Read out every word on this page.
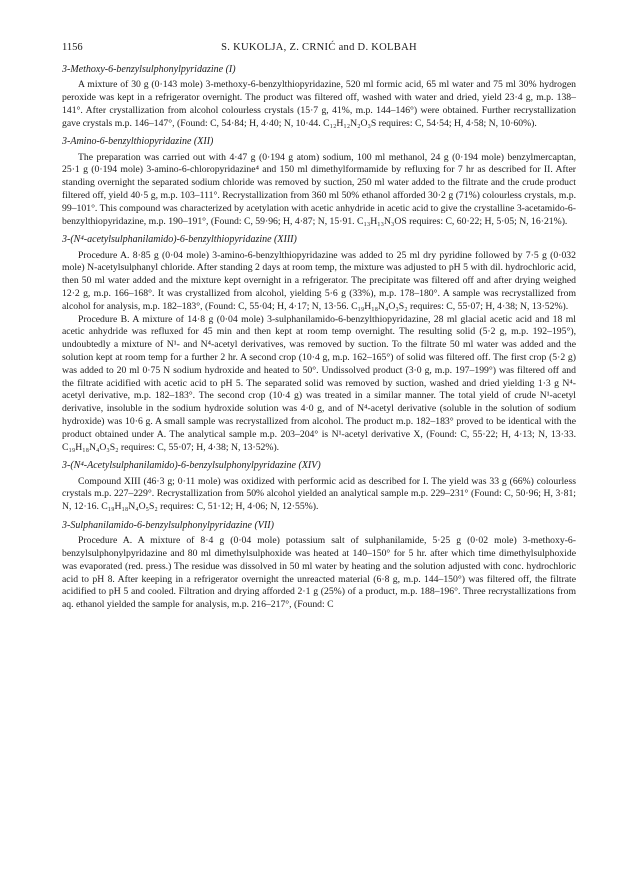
1156	S. KUKOLJA, Z. CRNIĆ and D. KOLBAH

3-Methoxy-6-benzylsulphonylpyridazine (I)

A mixture of 30 g (0·143 mole) 3-methoxy-6-benzylthiopyridazine, 520 ml formic acid, 65 ml water and 75 ml 30% hydrogen peroxide was kept in a refrigerator overnight. The product was filtered off, washed with water and dried, yield 23·4 g, m.p. 138–141°. After crystallization from alcohol colourless crystals (15·7 g, 41%, m.p. 144–146°) were obtained. Further recrystallization gave crystals m.p. 146–147°, (Found: C, 54·84; H, 4·40; N, 10·44. C₁₂H₁₂N₂O₃S requires: C, 54·54; H, 4·58; N, 10·60%).

3-Amino-6-benzylthiopyridazine (XII)

The preparation was carried out with 4·47 g (0·194 g atom) sodium, 100 ml methanol, 24 g (0·194 mole) benzylmercaptan, 25·1 g (0·194 mole) 3-amino-6-chloropyridazine⁴ and 150 ml dimethylformamide by refluxing for 7 hr as described for II. After standing overnight the separated sodium chloride was removed by suction, 250 ml water added to the filtrate and the crude product filtered off, yield 40·5 g, m.p. 103–111°. Recrystallization from 360 ml 50% ethanol afforded 30·2 g (71%) colourless crystals, m.p. 99–101°. This compound was characterized by acetylation with acetic anhydride in acetic acid to give the crystalline 3-acetamido-6-benzylthiopyridazine, m.p. 190–191°, (Found: C, 59·96; H, 4·87; N, 15·91. C₁₃H₁₃N₃OS requires: C, 60·22; H, 5·05; N, 16·21%).

3-(N⁴-acetylsulphanilamido)-6-benzylthiopyridazine (XIII)

Procedure A. 8·85 g (0·04 mole) 3-amino-6-benzylthiopyridazine was added to 25 ml dry pyridine followed by 7·5 g (0·032 mole) N-acetylsulphanyl chloride. After standing 2 days at room temp, the mixture was adjusted to pH 5 with dil. hydrochloric acid, then 50 ml water added and the mixture kept overnight in a refrigerator. The precipitate was filtered off and after drying weighed 12·2 g, m.p. 166–168°. It was crystallized from alcohol, yielding 5·6 g (33%), m.p. 178–180°. A sample was recrystallized from alcohol for analysis, m.p. 182–183°, (Found: C, 55·04; H, 4·17; N, 13·56. C₁₉H₁₈N₄O₃S₂ requires: C, 55·07; H, 4·38; N, 13·52%).

Procedure B. A mixture of 14·8 g (0·04 mole) 3-sulphanilamido-6-benzylthiopyridazine, 28 ml glacial acetic acid and 18 ml acetic anhydride was refluxed for 45 min and then kept at room temp overnight. The resulting solid (5·2 g, m.p. 192–195°), undoubtedly a mixture of N¹- and N⁴-acetyl derivatives, was removed by suction. To the filtrate 50 ml water was added and the solution kept at room temp for a further 2 hr. A second crop (10·4 g, m.p. 162–165°) of solid was filtered off. The first crop (5·2 g) was added to 20 ml 0·75 N sodium hydroxide and heated to 50°. Undissolved product (3·0 g, m.p. 197–199°) was filtered off and the filtrate acidified with acetic acid to pH 5. The separated solid was removed by suction, washed and dried yielding 1·3 g N⁴-acetyl derivative, m.p. 182–183°. The second crop (10·4 g) was treated in a similar manner. The total yield of crude N¹-acetyl derivative, insoluble in the sodium hydroxide solution was 4·0 g, and of N⁴-acetyl derivative (soluble in the solution of sodium hydroxide) was 10·6 g. A small sample was recrystallized from alcohol. The product m.p. 182–183° proved to be identical with the product obtained under A. The analytical sample m.p. 203–204° is N¹-acetyl derivative X, (Found: C, 55·22; H, 4·13; N, 13·33. C₁₉H₁₈N₄O₃S₂ requires: C, 55·07; H, 4·38; N, 13·52%).

3-(N⁴-Acetylsulphanilamido)-6-benzylsulphonylpyridazine (XIV)

Compound XIII (46·3 g; 0·11 mole) was oxidized with performic acid as described for I. The yield was 33 g (66%) colourless crystals m.p. 227–229°. Recrystallization from 50% alcohol yielded an analytical sample m.p. 229–231° (Found: C, 50·96; H, 3·81; N, 12·16. C₁₉H₁₈N₄O₅S₂ requires: C, 51·12; H, 4·06; N, 12·55%).

3-Sulphanilamido-6-benzylsulphonylpyridazine (VII)

Procedure A. A mixture of 8·4 g (0·04 mole) potassium salt of sulphanilamide, 5·25 g (0·02 mole) 3-methoxy-6-benzylsulphonylpyridazine and 80 ml dimethylsulphoxide was heated at 140–150° for 5 hr. after which time dimethylsulphoxide was evaporated (red. press.) The residue was dissolved in 50 ml water by heating and the solution adjusted with conc. hydrochloric acid to pH 8. After keeping in a refrigerator overnight the unreacted material (6·8 g, m.p. 144–150°) was filtered off, the filtrate acidified to pH 5 and cooled. Filtration and drying afforded 2·1 g (25%) of a product, m.p. 188–196°. Three recrystallizations from aq. ethanol yielded the sample for analysis, m.p. 216–217°, (Found: C
